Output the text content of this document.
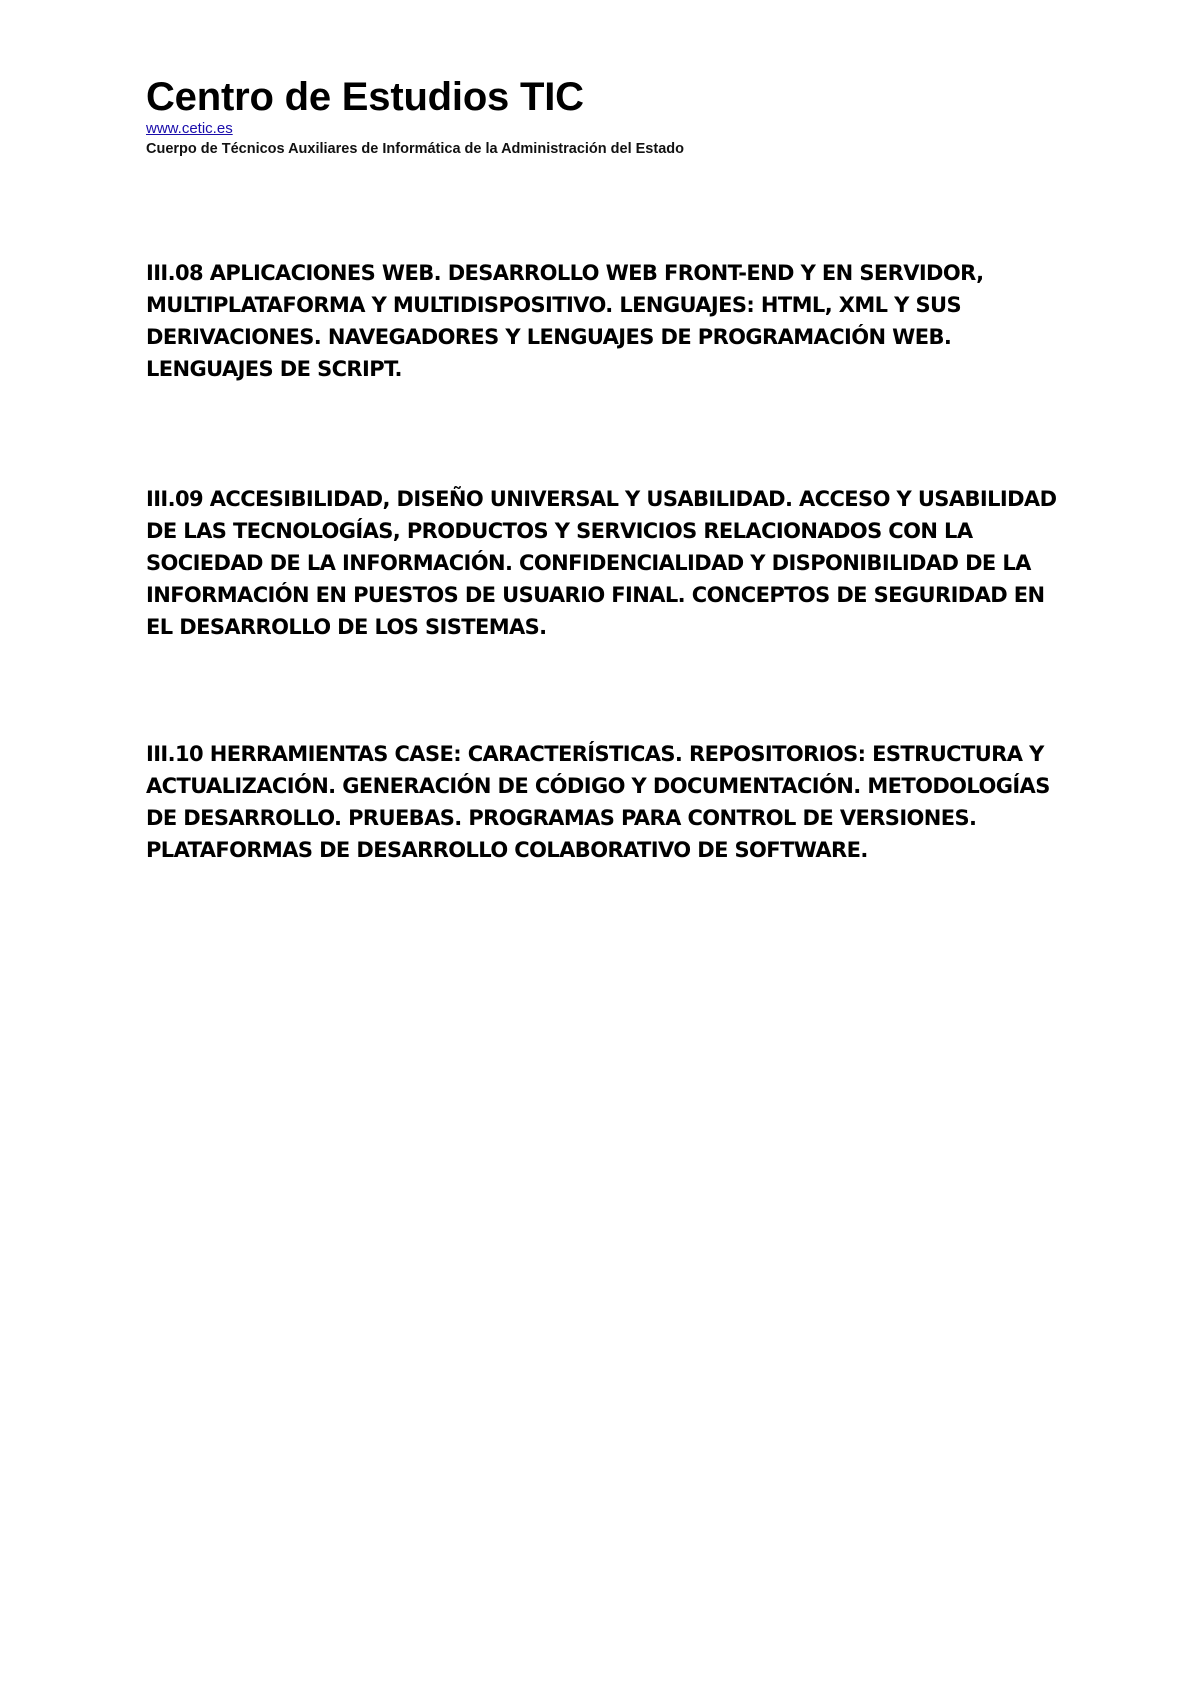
Centro de Estudios TIC
www.cetic.es
Cuerpo de Técnicos Auxiliares de Informática de la Administración del Estado

III.08 APLICACIONES WEB. DESARROLLO WEB FRONT-END Y EN SERVIDOR, MULTIPLATAFORMA Y MULTIDISPOSITIVO. LENGUAJES: HTML, XML Y SUS DERIVACIONES. NAVEGADORES Y LENGUAJES DE PROGRAMACIÓN WEB. LENGUAJES DE SCRIPT.

III.09 ACCESIBILIDAD, DISEÑO UNIVERSAL Y USABILIDAD. ACCESO Y USABILIDAD DE LAS TECNOLOGÍAS, PRODUCTOS Y SERVICIOS RELACIONADOS CON LA SOCIEDAD DE LA INFORMACIÓN. CONFIDENCIALIDAD Y DISPONIBILIDAD DE LA INFORMACIÓN EN PUESTOS DE USUARIO FINAL. CONCEPTOS DE SEGURIDAD EN EL DESARROLLO DE LOS SISTEMAS.

III.10 HERRAMIENTAS CASE: CARACTERÍSTICAS. REPOSITORIOS: ESTRUCTURA Y ACTUALIZACIÓN. GENERACIÓN DE CÓDIGO Y DOCUMENTACIÓN. METODOLOGÍAS DE DESARROLLO. PRUEBAS. PROGRAMAS PARA CONTROL DE VERSIONES. PLATAFORMAS DE DESARROLLO COLABORATIVO DE SOFTWARE.
